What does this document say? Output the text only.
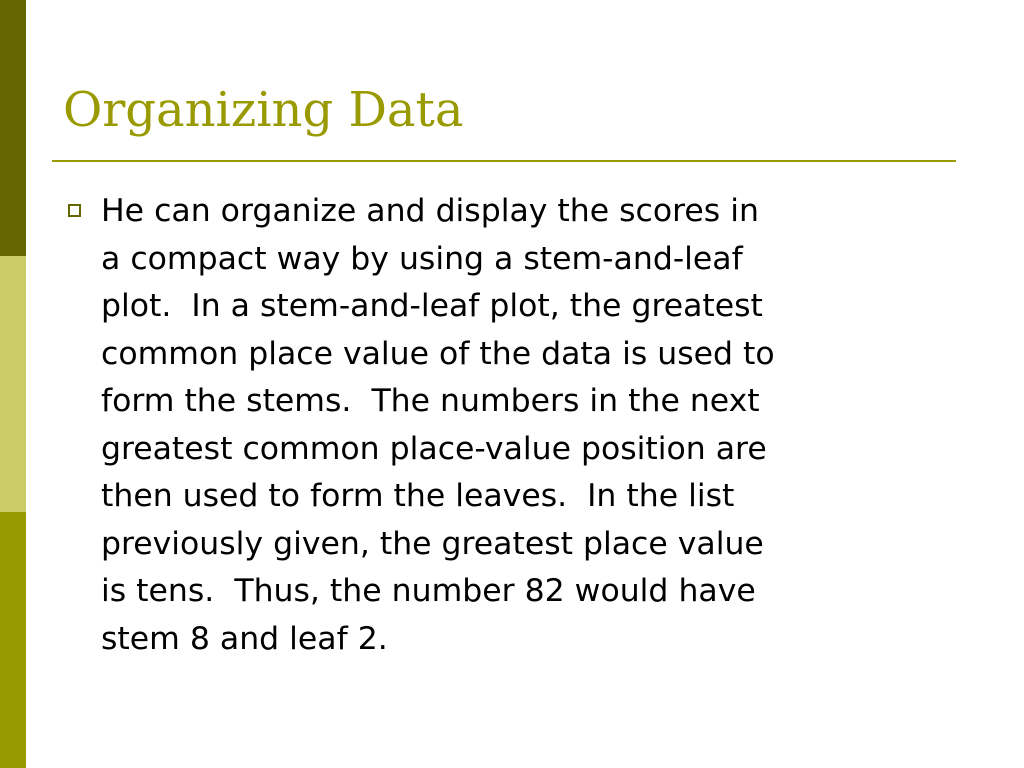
Organizing Data

He can organize and display the scores in
a compact way by using a stem-and-leaf
plot.  In a stem-and-leaf plot, the greatest
common place value of the data is used to
form the stems.  The numbers in the next
greatest common place-value position are
then used to form the leaves.  In the list
previously given, the greatest place value
is tens.  Thus, the number 82 would have
stem 8 and leaf 2.
